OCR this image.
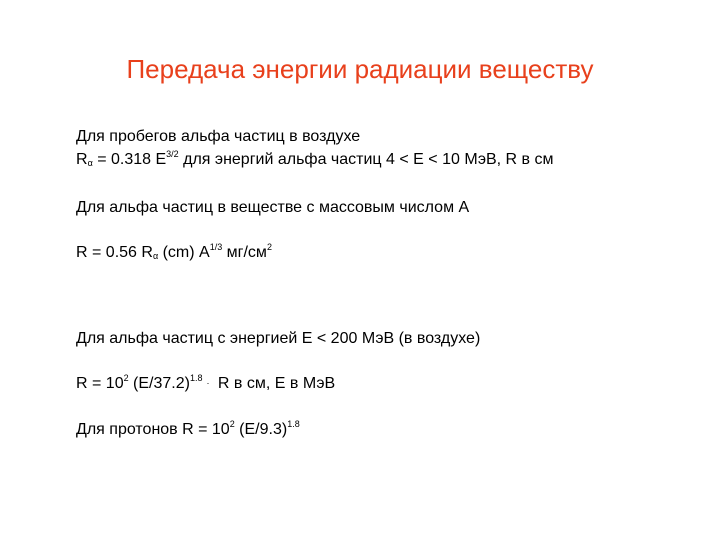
Передача энергии радиации веществу
Для пробегов альфа частиц в воздухе
$R_\alpha = 0.318$ $E^{3/2}$ для энергий альфа частиц 4 < E < 10 МэВ, R в см
Для альфа частиц в веществе с массовым числом A
R = 0.56 $R_\alpha$ (cm) $A^{1/3}$ $мг/см^2$
Для альфа частиц с энергией E < 200 МэВ (в воздухе)
$R = 10^2$ $(E/37.2)^{1.8} \cdot R$ в см, E в МэВ
Для протонов $R = 10^2$ $(E/9.3)^{1.8}$
